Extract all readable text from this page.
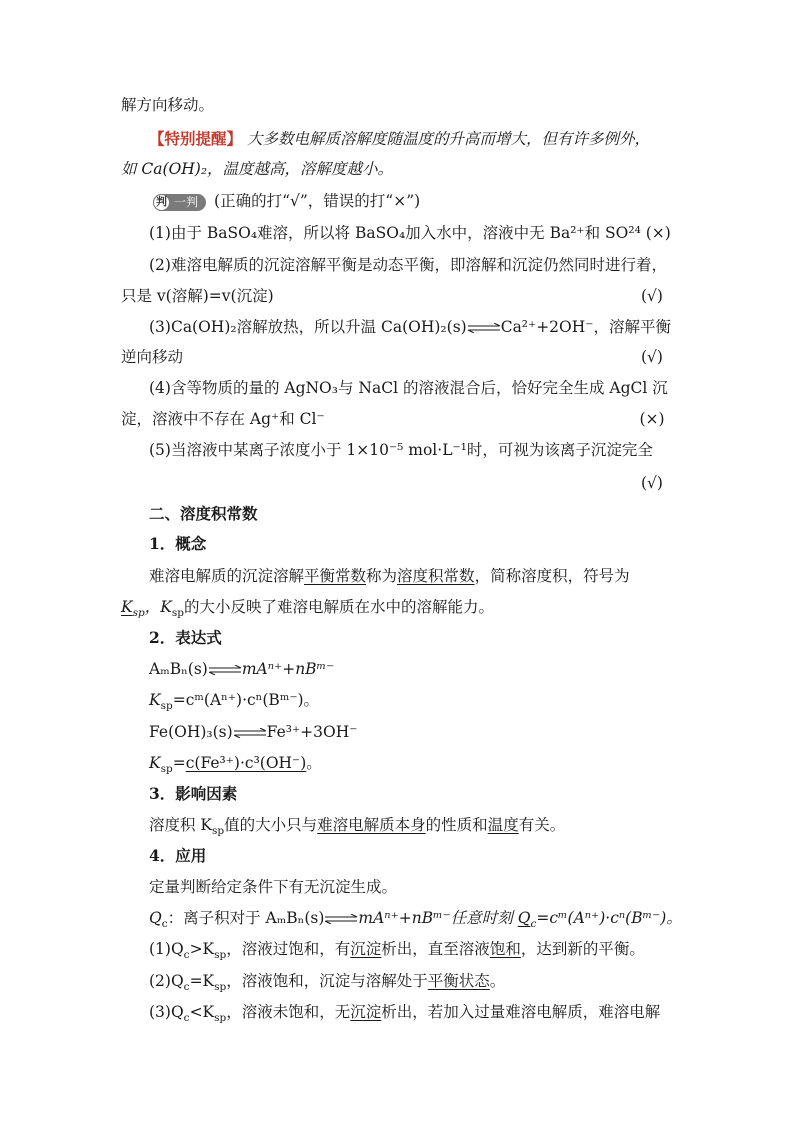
解方向移动。
【特别提醒】 大多数电解质溶解度随温度的升高而增大，但有许多例外，
如 Ca(OH)₂，温度越高，溶解度越小。
判 一判 (正确的打“√”，错误的打“×”)
(1)由于 BaSO₄难溶，所以将 BaSO₄加入水中，溶液中无 Ba²⁺和 SO²⁴ (×)
(2)难溶电解质的沉淀溶解平衡是动态平衡，即溶解和沉淀仍然同时进行着，
只是 v(溶解)=v(沉淀)	(√)
(3)Ca(OH)₂溶解放热，所以升温 Ca(OH)₂(s) Ca²⁺+2OH⁻，溶解平衡
逆向移动	(√)
(4)含等物质的量的 AgNO₃与 NaCl 的溶液混合后，恰好完全生成 AgCl 沉
淀，溶液中不存在 Ag⁺和 Cl⁻	(×)
(5)当溶液中某离子浓度小于 1×10⁻⁵ mol·L⁻¹时，可视为该离子沉淀完全
(√)
二、溶度积常数
1．概念
难溶电解质的沉淀溶解平衡常数称为溶度积常数，简称溶度积，符号为
$K_{sp}$，$K_{sp}$的大小反映了难溶电解质在水中的溶解能力。
2．表达式
AₘBₙ(s) mAⁿ⁺+nBᵐ⁻
$K_{sp}=cᵐ(A^{n+})\cdot c^n(Bᵐ^-)$。
Fe(OH)₃(s) Fe³⁺+3OH⁻
$K_{sp}=c(Fe^{3+})\cdot c^3(OH^-)$。
3．影响因素
溶度积 $K_{sp}$值的大小只与难溶电解质本身的性质和温度有关。
4．应用
定量判断给定条件下有无沉淀生成。
$Q_c$：离子积对于 AₘBₙ(s) mAⁿ⁺+nBᵐ⁻任意时刻 $Q_c=cᵐ(A^{n+})\cdot c^n(Bᵐ^-)$。
$(1)Q_c>K_{sp}$，溶液过饱和，有沉淀析出，直至溶液饱和，达到新的平衡。
$(2)Q_c=K_{sp}$，溶液饱和，沉淀与溶解处于平衡状态。
$(3)Q_c<K_{sp}$，溶液未饱和，无沉淀析出，若加入过量难溶电解质，难溶电解
